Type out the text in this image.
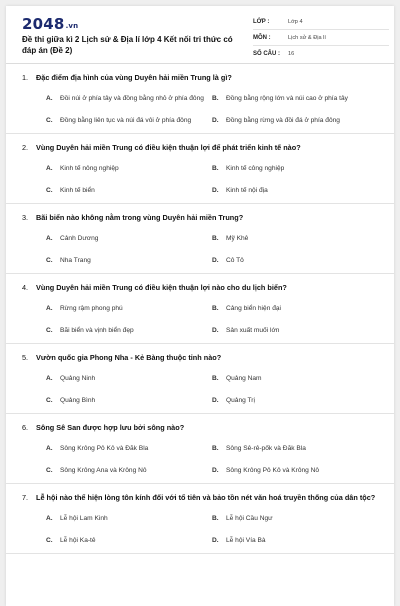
2048.vn
Đề thi giữa kì 2 Lịch sử & Địa lí lớp 4 Kết nối tri thức có đáp án (Đề 2)
LỚP :	Lớp 4
MÔN :	Lịch sử & Địa lí
SỐ CÂU :	16
1.	Đặc điểm địa hình của vùng Duyên hải miền Trung là gì?
A.	Đồi núi ở phía tây và đồng bằng nhỏ ở phía đông	B.	Đồng bằng rộng lớn và núi cao ở phía tây
C.	Đồng bằng liên tục và núi đá vôi ở phía đông	D.	Đồng bằng rừng và đồi đá ở phía đông
2.	Vùng Duyên hải miền Trung có điều kiện thuận lợi để phát triển kinh tế nào?
A.	Kinh tế nông nghiệp	B.	Kinh tế công nghiệp
C.	Kinh tế biển	D.	Kinh tế nội địa
3.	Bãi biển nào không nằm trong vùng Duyên hải miền Trung?
A.	Cảnh Dương	B.	Mỹ Khê
C.	Nha Trang	D.	Cô Tô
4.	Vùng Duyên hải miền Trung có điều kiện thuận lợi nào cho du lịch biển?
A.	Rừng rậm phong phú	B.	Cảng biển hiện đại
C.	Bãi biển và vịnh biển đẹp	D.	Sản xuất muối lớn
5.	Vườn quốc gia Phong Nha - Kẻ Bàng thuộc tỉnh nào?
A.	Quảng Ninh	B.	Quảng Nam
C.	Quảng Bình	D.	Quảng Trị
6.	Sông Sê San được hợp lưu bởi sông nào?
A.	Sông Krông Pô Kô và Đăk Bla	B.	Sông Sê-rê-pốk và Đăk Bla
C.	Sông Krông Ana và Krông Nô	D.	Sông Krông Pô Kô và Krông Nô
7.	Lễ hội nào thể hiện lòng tôn kính đối với tổ tiên và bảo tồn nét văn hoá truyền thống của dân tộc?
A.	Lễ hội Lam Kinh	B.	Lễ hội Cầu Ngư
C.	Lễ hội Ka-tê	D.	Lễ hội Vía Bà
